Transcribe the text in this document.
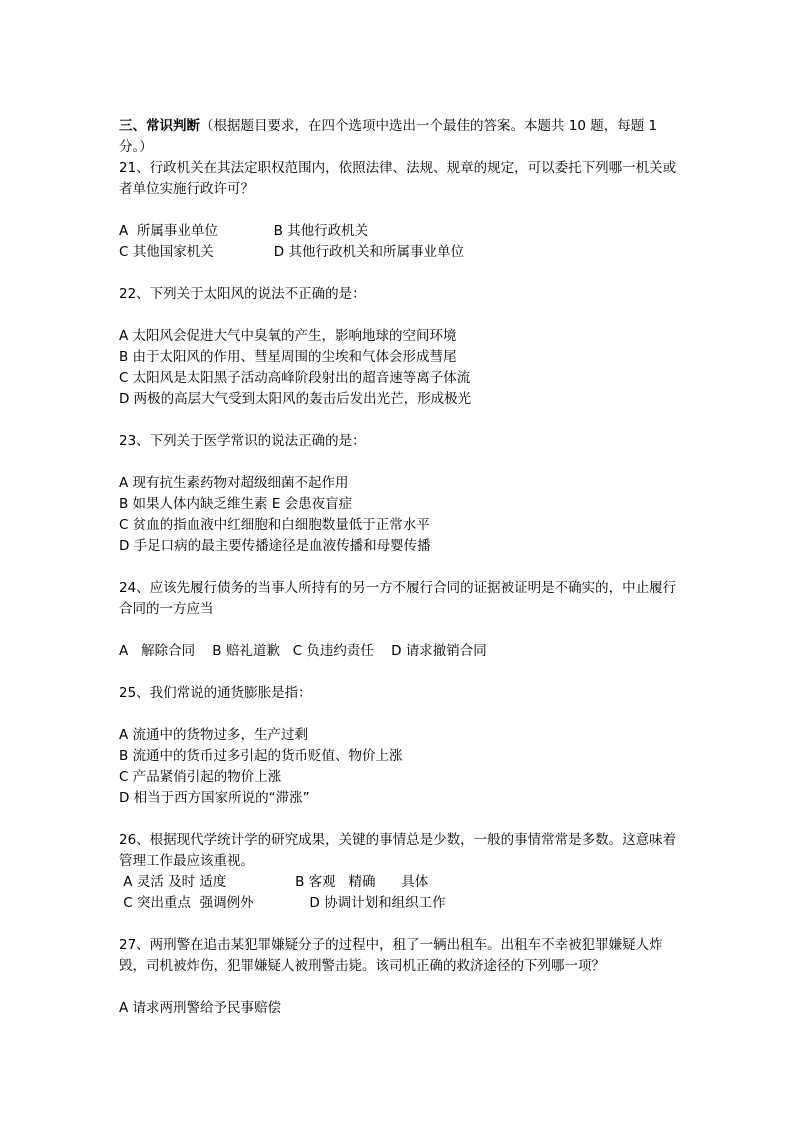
三、常识判断（根据题目要求，在四个选项中选出一个最佳的答案。本题共 10 题，每题 1 分。）

21、行政机关在其法定职权范围内，依照法律、法规、规章的规定，可以委托下列哪一机关或者单位实施行政许可？

A  所属事业单位             B 其他行政机关

C 其他国家机关              D 其他行政机关和所属事业单位

22、下列关于太阳风的说法不正确的是：

A 太阳风会促进大气中臭氧的产生，影响地球的空间环境

B 由于太阳风的作用、彗星周围的尘埃和气体会形成彗尾

C 太阳风是太阳黑子活动高峰阶段射出的超音速等离子体流

D 两极的高层大气受到太阳风的轰击后发出光芒，形成极光

23、下列关于医学常识的说法正确的是：

A 现有抗生素药物对超级细菌不起作用

B 如果人体内缺乏维生素 E 会患夜盲症

C 贫血的指血液中红细胞和白细胞数量低于正常水平

D 手足口病的最主要传播途径是血液传播和母婴传播

24、应该先履行债务的当事人所持有的另一方不履行合同的证据被证明是不确实的，中止履行合同的一方应当

A   解除合同    B 赔礼道歉   C 负违约责任    D 请求撤销合同

25、我们常说的通货膨胀是指：

A 流通中的货物过多，生产过剩

B 流通中的货币过多引起的货币贬值、物价上涨

C 产品紧俏引起的物价上涨

D 相当于西方国家所说的“滞涨”

26、根据现代学统计学的研究成果，关键的事情总是少数，一般的事情常常是多数。这意味着管理工作最应该重视。

A 灵活 及时 适度                B 客观   精确      具体

C 突出重点  强调例外             D 协调计划和组织工作

27、两刑警在追击某犯罪嫌疑分子的过程中，租了一辆出租车。出租车不幸被犯罪嫌疑人炸毁，司机被炸伤，犯罪嫌疑人被刑警击毙。该司机正确的救济途径的下列哪一项？

A 请求两刑警给予民事赔偿
